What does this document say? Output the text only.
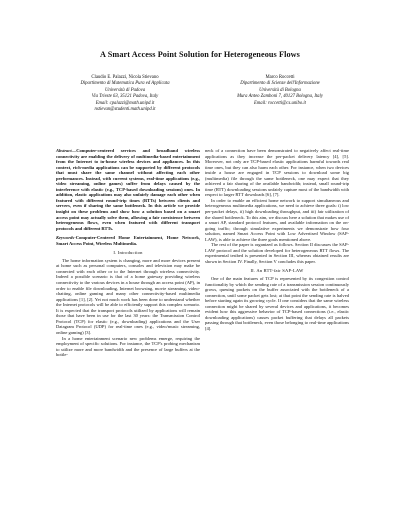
A Smart Access Point Solution for Heterogeneous Flows
Claudio E. Palazzi, Nicola Stievano
Dipartimento di Matematica Pura ed Applicata
Università di Padova
Via Trieste 63, 35121 Padova, Italy
Email: cpalazzi@math.unipd.it
nstievan@studenti.math.unipd.it
Marco Roccetti
Dipartimento di Scienze dell'Informazione
Università di Bologna
Mura Anteo Zamboni 7, 40127 Bologna, Italy
Email: roccetti@cs.unibo.it
Abstract—Computer-centered services and broadband wireless connectivity are enabling the delivery of multimedia-based entertainment from the Internet to in-house wireless devices and appliances. In this context, rich-media applications can be supported by different protocols that must share the same channel without affecting each other performances. Instead, with current systems, real-time applications (e.g., video streaming, online games) suffer from delays caused by the interference with elastic (e.g., TCP-based downloading sessions) ones. In addition, elastic applications may also unfairly damage each other when featured with different round-trip times (RTTs) between clients and servers, even if sharing the same bottleneck. In this article we provide insight on these problems and show how a solution based on a smart access point may actually solve them, allowing a fair coexistence between heterogeneous flows, even when featured with different transport protocols and different RTTs.
Keywords-Computer-Centered Home Entertainment, Home Network, Smart Access Point, Wireless Multimedia.
I. Introduction

The home information system is changing, more and more devices present at home such as personal computers, consoles and television may make be connected with each other or to the Internet through wireless connectivity. Indeed a possible scenario is that of a home gateway providing wireless connectivity to the various devices in a house through an access point (AP), in order to enable file downloading, Internet browsing, movie streaming, video-chatting, online gaming and many other connectivity-based multimedia applications [1], [2]. Yet not much work has been done to understand whether the Internet protocols will be able to efficiently support this complex scenario. It is expected that the transport protocols utilized by applications will remain those that have been in use for the last 30 years: the Transmission Control Protocol (TCP) for elastic (e.g., downloading) applications and the User Datagram Protocol (UDP) for real-time ones (e.g., video/music streaming, online gaming) [3].

In a home entertainment scenario new problems emerge, requiring the employment of specific solutions. For instance, the TCP's probing mechanism to utilize more and more bandwidth and the presence of large buffers at the bottle-

neck of a connection have been demonstrated to negatively affect real-time applications as they increase the per-packet delivery latency [4], [5]. Moreover, not only are TCP-based elastic applications harmful towards real time ones, but they can also harm each other. For instance, when two devices inside a house are engaged in TCP sessions to download some big (multimedia) file through the same bottleneck, one may expect that they achieved a fair sharing of the available bandwidth; instead, small round-trip time (RTT) downloading sessions unfairly capture most of the bandwidth with respect to larger RTT downloads [6], [7].

In order to enable an efficient home network to support simultaneous and heterogeneous multimedia applications, we need to achieve three goals: i) low per-packet delays, ii) high downloading throughput, and iii) fair utilization of the shared bottleneck. To this aim, we discuss here a solution that makes use of a smart AP, standard protocol features, and available information on the on-going traffic; through simulative experiments we demonstrate how four solution, named Smart Access Point with Low Advertised Window (SAP-LAW), is able to achieve the three goals mentioned above.

The rest of the paper is organized as follows. Section II discusses the SAP-LAW protocol and the solution developed for heterogeneous RTT flows. The experimental testbed is presented in Section III, whereas obtained results are shown in Section IV. Finally, Section V concludes this paper.

II. An RTT-fair SAP-LAW

One of the main features of TCP is represented by its congestion control functionality by which the sending rate of a transmission session continuously grows, queuing packets on the buffer associated with the bottleneck of a connection, until some packet gets lost; at that point the sending rate is halved before starting again its growing cycle. If one considers that the same wireless connection might be shared by several devices and applications, it becomes evident how this aggressive behavior of TCP-based connections (i.e., elastic downloading applications) causes packet buffering that delays all packets passing through that bottleneck, even those belonging to real-time applications [4].
